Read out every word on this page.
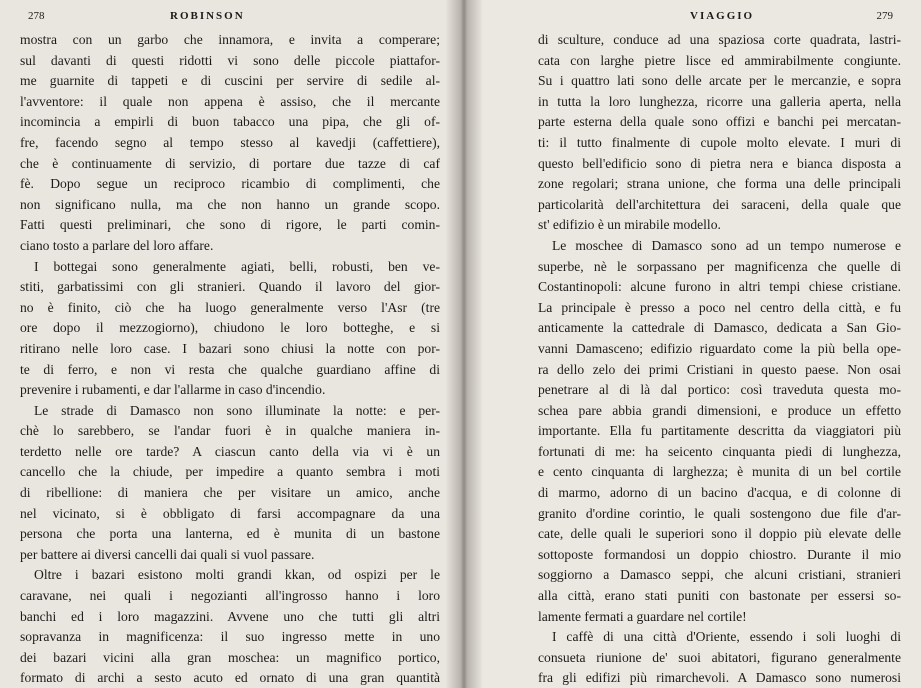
278	ROBINSON

mostra con un garbo che innamora, e invita a comperare;
sul davanti di questi ridotti vi sono delle piccole piattafor-
me guarnite di tappeti e di cuscini per servire di sedile al-
l'avventore: il quale non appena è assiso, che il mercante
incomincia a empirli di buon tabacco una pipa, che gli of-
fre, facendo segno al tempo stesso al kavedji (caffettiere),
che è continuamente di servizio, di portare due tazze di caf
fè. Dopo segue un reciproco ricambio di complimenti, che
non significano nulla, ma che non hanno un grande scopo.
Fatti questi preliminari, che sono di rigore, le parti comin-
ciano tosto a parlare del loro affare.
I bottegai sono generalmente agiati, belli, robusti, ben ve-
stiti, garbatissimi con gli stranieri. Quando il lavoro del gior-
no è finito, ciò che ha luogo generalmente verso l'Asr (tre
ore dopo il mezzogiorno), chiudono le loro botteghe, e si
ritirano nelle loro case. I bazari sono chiusi la notte con por-
te di ferro, e non vi resta che qualche guardiano affine di
prevenire i rubamenti, e dar l'allarme in caso d'incendio.
Le strade di Damasco non sono illuminate la notte: e per-
chè lo sarebbero, se l'andar fuori è in qualche maniera in-
terdetto nelle ore tarde? A ciascun canto della via vi è un
cancello che la chiude, per impedire a quanto sembra i moti
di ribellione: di maniera che per visitare un amico, anche
nel vicinato, si è obbligato di farsi accompagnare da una
persona che porta una lanterna, ed è munita di un bastone
per battere ai diversi cancelli dai quali si vuol passare.
Oltre i bazari esistono molti grandi kkan, od ospizi per le
caravane, nei quali i negozianti all'ingrosso hanno i loro
banchi ed i loro magazzini. Avvene uno che tutti gli altri
sopravanza in magnificenza: il suo ingresso mette in uno
dei bazari vicini alla gran moschea: un magnifico portico,
formato di archi a sesto acuto ed ornato di una gran quantità

VIAGGIO	279

di sculture, conduce ad una spaziosa corte quadrata, lastri-
cata con larghe pietre lisce ed ammirabilmente congiunte.
Su i quattro lati sono delle arcate per le mercanzie, e sopra
in tutta la loro lunghezza, ricorre una galleria aperta, nella
parte esterna della quale sono offizi e banchi pei mercatan-
ti: il tutto finalmente di cupole molto elevate. I muri di
questo bell'edificio sono di pietra nera e bianca disposta a
zone regolari; strana unione, che forma una delle principali
particolarità dell'architettura dei saraceni, della quale que
st' edifizio è un mirabile modello.
Le moschee di Damasco sono ad un tempo numerose e
superbe, nè le sorpassano per magnificenza che quelle di
Costantinopoli: alcune furono in altri tempi chiese cristiane.
La principale è presso a poco nel centro della città, e fu
anticamente la cattedrale di Damasco, dedicata a San Gio-
vanni Damasceno; edifizio riguardato come la più bella ope-
ra dello zelo dei primi Cristiani in questo paese. Non osai
penetrare al di là dal portico: così traveduta questa mo-
schea pare abbia grandi dimensioni, e produce un effetto
importante. Ella fu partitamente descritta da viaggiatori più
fortunati di me: ha seicento cinquanta piedi di lunghezza,
e cento cinquanta di larghezza; è munita di un bel cortile
di marmo, adorno di un bacino d'acqua, e di colonne di
granito d'ordine corintio, le quali sostengono due file d'ar-
cate, delle quali le superiori sono il doppio più elevate delle
sottoposte formandosi un doppio chiostro. Durante il mio
soggiorno a Damasco seppi, che alcuni cristiani, stranieri
alla città, erano stati puniti con bastonate per essersi so-
lamente fermati a guardare nel cortile!
I caffè di una città d'Oriente, essendo i soli luoghi di
consueta riunione de' suoi abitatori, figurano generalmente
fra gli edifizi più rimarchevoli. A Damasco sono numerosi
